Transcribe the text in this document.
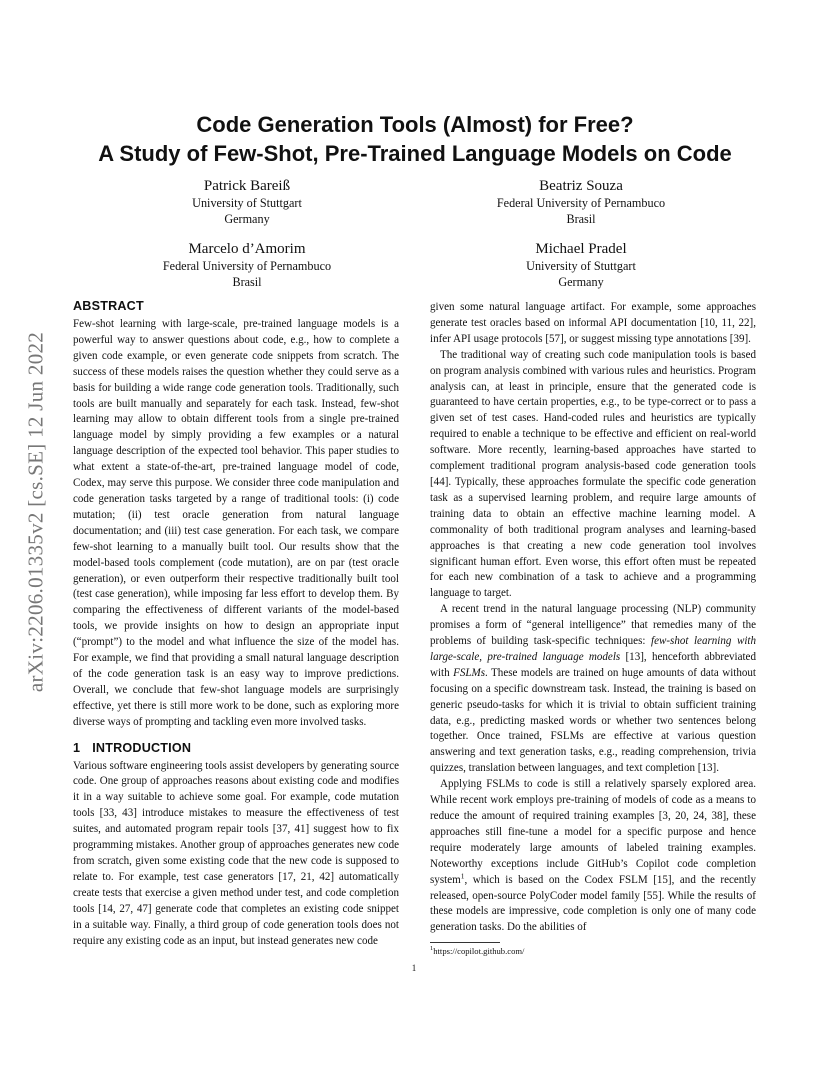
arXiv:2206.01335v2 [cs.SE] 12 Jun 2022
Code Generation Tools (Almost) for Free?
A Study of Few-Shot, Pre-Trained Language Models on Code
Patrick Bareiß
University of Stuttgart
Germany
Beatriz Souza
Federal University of Pernambuco
Brasil
Marcelo d’Amorim
Federal University of Pernambuco
Brasil
Michael Pradel
University of Stuttgart
Germany
ABSTRACT

Few-shot learning with large-scale, pre-trained language models is a powerful way to answer questions about code, e.g., how to complete a given code example, or even generate code snippets from scratch. The success of these models raises the question whether they could serve as a basis for building a wide range code generation tools. Traditionally, such tools are built manually and separately for each task. Instead, few-shot learning may allow to obtain different tools from a single pre-trained language model by simply providing a few examples or a natural language description of the expected tool behavior. This paper studies to what extent a state-of-the-art, pre-trained language model of code, Codex, may serve this purpose. We consider three code manipulation and code generation tasks targeted by a range of traditional tools: (i) code mutation; (ii) test oracle generation from natural language documentation; and (iii) test case generation. For each task, we compare few-shot learning to a manually built tool. Our results show that the model-based tools complement (code mutation), are on par (test oracle generation), or even outperform their respective traditionally built tool (test case generation), while imposing far less effort to develop them. By comparing the effectiveness of different variants of the model-based tools, we provide insights on how to design an appropriate input (“prompt”) to the model and what influence the size of the model has. For example, we find that providing a small natural language description of the code generation task is an easy way to improve predictions. Overall, we conclude that few-shot language models are surprisingly effective, yet there is still more work to be done, such as exploring more diverse ways of prompting and tackling even more involved tasks.

1 INTRODUCTION

Various software engineering tools assist developers by generating source code. One group of approaches reasons about existing code and modifies it in a way suitable to achieve some goal. For example, code mutation tools [33, 43] introduce mistakes to measure the effectiveness of test suites, and automated program repair tools [37, 41] suggest how to fix programming mistakes. Another group of approaches generates new code from scratch, given some existing code that the new code is supposed to relate to. For example, test case generators [17, 21, 42] automatically create tests that exercise a given method under test, and code completion tools [14, 27, 47] generate code that completes an existing code snippet in a suitable way. Finally, a third group of code generation tools does not require any existing code as an input, but instead generates new code

given some natural language artifact. For example, some approaches generate test oracles based on informal API documentation [10, 11, 22], infer API usage protocols [57], or suggest missing type annotations [39].

The traditional way of creating such code manipulation tools is based on program analysis combined with various rules and heuristics. Program analysis can, at least in principle, ensure that the generated code is guaranteed to have certain properties, e.g., to be type-correct or to pass a given set of test cases. Hand-coded rules and heuristics are typically required to enable a technique to be effective and efficient on real-world software. More recently, learning-based approaches have started to complement traditional program analysis-based code generation tools [44]. Typically, these approaches formulate the specific code generation task as a supervised learning problem, and require large amounts of training data to obtain an effective machine learning model. A commonality of both traditional program analyses and learning-based approaches is that creating a new code generation tool involves significant human effort. Even worse, this effort often must be repeated for each new combination of a task to achieve and a programming language to target.

A recent trend in the natural language processing (NLP) community promises a form of “general intelligence” that remedies many of the problems of building task-specific techniques: few-shot learning with large-scale, pre-trained language models [13], henceforth abbreviated with FSLMs. These models are trained on huge amounts of data without focusing on a specific downstream task. Instead, the training is based on generic pseudo-tasks for which it is trivial to obtain sufficient training data, e.g., predicting masked words or whether two sentences belong together. Once trained, FSLMs are effective at various question answering and text generation tasks, e.g., reading comprehension, trivia quizzes, translation between languages, and text completion [13].

Applying FSLMs to code is still a relatively sparsely explored area. While recent work employs pre-training of models of code as a means to reduce the amount of required training examples [3, 20, 24, 38], these approaches still fine-tune a model for a specific purpose and hence require moderately large amounts of labeled training examples. Noteworthy exceptions include GitHub’s Copilot code completion system$^1$, which is based on the Codex FSLM [15], and the recently released, open-source PolyCoder model family [55]. While the results of these models are impressive, code completion is only one of many code generation tasks. Do the abilities of

$^1$https://copilot.github.com/
1
